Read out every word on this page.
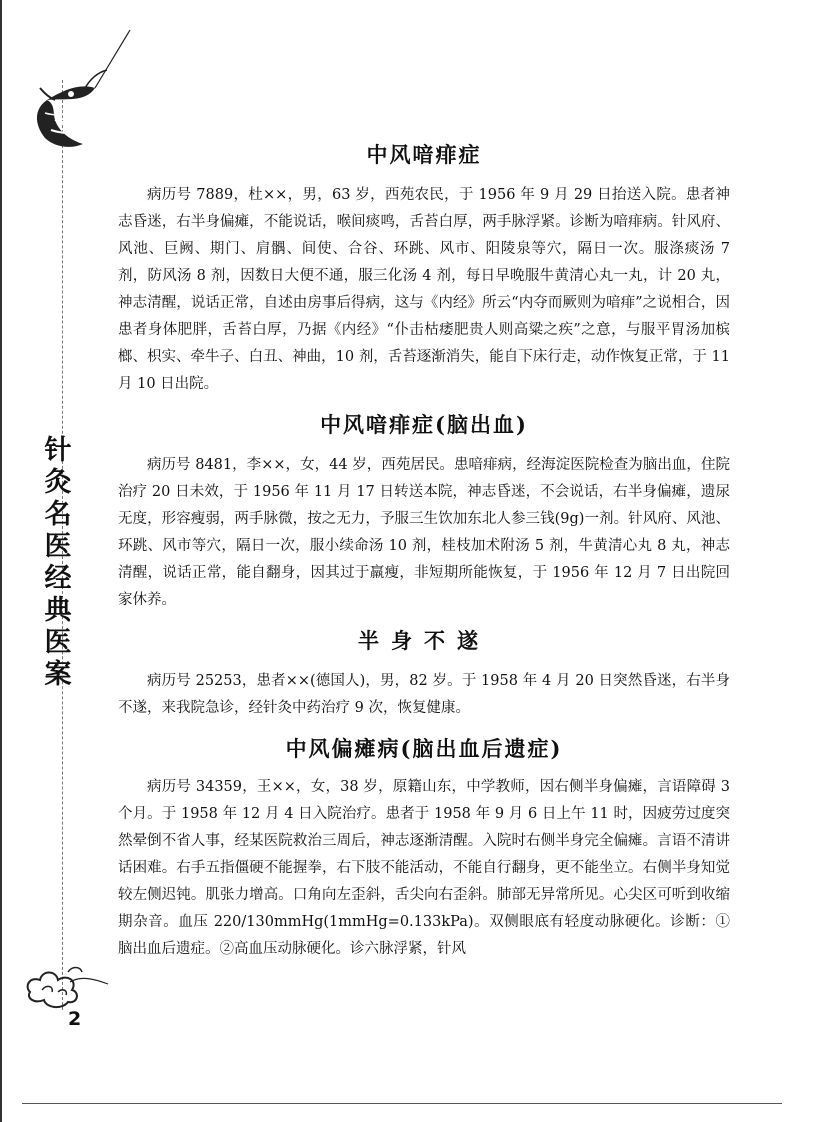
针
灸
名
医
经
典
医
案
2
中风喑痱症

病历号 7889，杜××，男，63 岁，西苑农民，于 1956 年 9 月 29 日抬送入院。患者神志昏迷，右半身偏瘫，不能说话，喉间痰鸣，舌苔白厚，两手脉浮紧。诊断为喑痱病。针风府、风池、巨阙、期门、肩髃、间使、合谷、环跳、风市、阳陵泉等穴，隔日一次。服涤痰汤 7 剂，防风汤 8 剂，因数日大便不通，服三化汤 4 剂，每日早晚服牛黄清心丸一丸，计 20 丸，神志清醒，说话正常，自述由房事后得病，这与《内经》所云“内夺而厥则为喑痱”之说相合，因患者身体肥胖，舌苔白厚，乃据《内经》“仆击枯痿肥贵人则高粱之疾”之意，与服平胃汤加槟榔、枳实、牵牛子、白丑、神曲，10 剂，舌苔逐渐消失，能自下床行走，动作恢复正常，于 11 月 10 日出院。

中风喑痱症(脑出血)

病历号 8481，李××，女，44 岁，西苑居民。患喑痱病，经海淀医院检查为脑出血，住院治疗 20 日未效，于 1956 年 11 月 17 日转送本院，神志昏迷，不会说话，右半身偏瘫，遗尿无度，形容瘦弱，两手脉微，按之无力，予服三生饮加东北人参三钱(9g)一剂。针风府、风池、环跳、风市等穴，隔日一次，服小续命汤 10 剂，桂枝加术附汤 5 剂，牛黄清心丸 8 丸，神志清醒，说话正常，能自翻身，因其过于羸瘦，非短期所能恢复，于 1956 年 12 月 7 日出院回家休养。

半身不遂

病历号 25253，患者××(德国人)，男，82 岁。于 1958 年 4 月 20 日突然昏迷，右半身不遂，来我院急诊，经针灸中药治疗 9 次，恢复健康。

中风偏瘫病(脑出血后遗症)

病历号 34359，王××，女，38 岁，原籍山东，中学教师，因右侧半身偏瘫，言语障碍 3 个月。于 1958 年 12 月 4 日入院治疗。患者于 1958 年 9 月 6 日上午 11 时，因疲劳过度突然晕倒不省人事，经某医院救治三周后，神志逐渐清醒。入院时右侧半身完全偏瘫。言语不清讲话困难。右手五指僵硬不能握拳，右下肢不能活动，不能自行翻身，更不能坐立。右侧半身知觉较左侧迟钝。肌张力增高。口角向左歪斜，舌尖向右歪斜。肺部无异常所见。心尖区可听到收缩期杂音。血压 220/130mmHg(1mmHg=0.133kPa)。双侧眼底有轻度动脉硬化。诊断：①脑出血后遗症。②高血压动脉硬化。诊六脉浮紧，针风
